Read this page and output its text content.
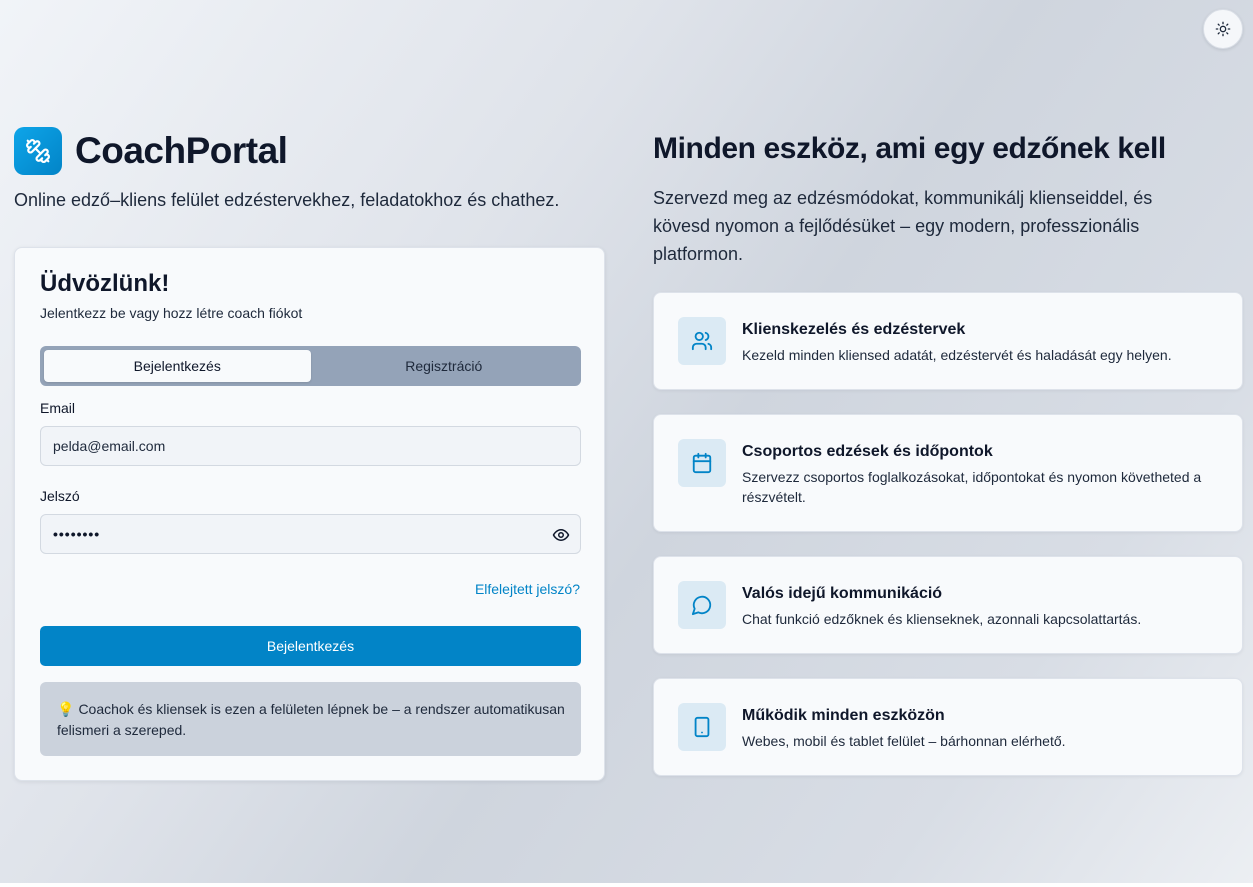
CoachPortal
Online edző–kliens felület edzéstervekhez, feladatokhoz és chathez.
Üdvözlünk!
Jelentkezz be vagy hozz létre coach fiókot
Bejelentkezés	Regisztráció
Email
pelda@email.com
Jelszó
••••••••
Elfelejtett jelszó?
Bejelentkezés
💡 Coachok és kliensek is ezen a felületen lépnek be – a rendszer automatikusan felismeri a szereped.
Minden eszköz, ami egy edzőnek kell
Szervezd meg az edzésmódokat, kommunikálj klienseiddel, és kövesd nyomon a fejlődésüket – egy modern, professzionális platformon.
Klienskezelés és edzéstervek
Kezeld minden kliensed adatát, edzéstervét és haladását egy helyen.
Csoportos edzések és időpontok
Szervezz csoportos foglalkozásokat, időpontokat és nyomon követheted a részvételt.
Valós idejű kommunikáció
Chat funkció edzőknek és klienseknek, azonnali kapcsolattartás.
Működik minden eszközön
Webes, mobil és tablet felület – bárhonnan elérhető.
